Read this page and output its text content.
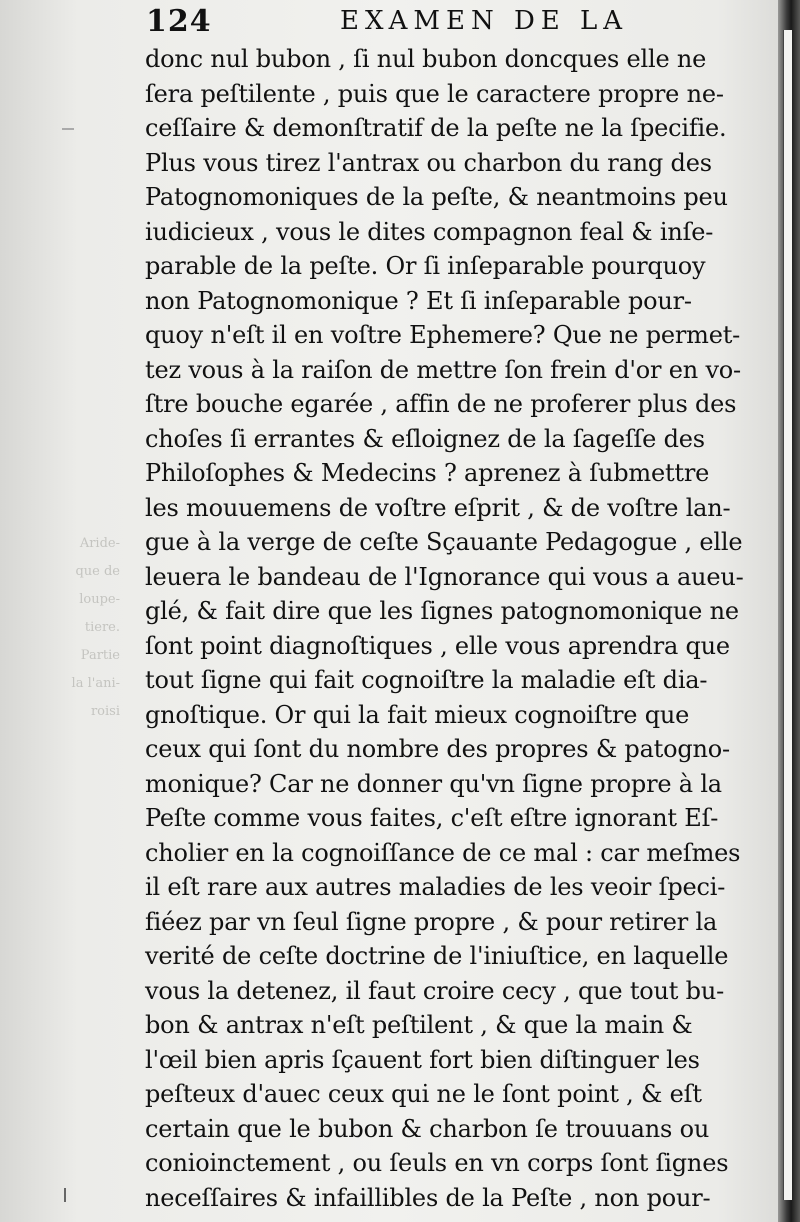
Aride-
que de
loupe-
tiere.
Partie
la l'ani-
roisi
124	EXAMEN DE LA
donc nul bubon , ſi nul bubon doncques elle ne
ſera peſtilente , puis que le caractere propre ne-
ceſſaire & demonſtratif de la peſte ne la ſpecifie.
Plus vous tirez l'antrax ou charbon du rang des
Patognomoniques de la peſte, & neantmoins peu
iudicieux , vous le dites compagnon feal & inſe-
parable de la peſte. Or ſi inſeparable pourquoy
non Patognomonique ? Et ſi inſeparable pour-
quoy n'eſt il en voſtre Ephemere? Que ne permet-
tez vous à la raiſon de mettre ſon frein d'or en vo-
ſtre bouche egarée , affin de ne proferer plus des
choſes ſi errantes & eſloignez de la ſageſſe des
Philoſophes & Medecins ? aprenez à ſubmettre
les mouuemens de voſtre eſprit , & de voſtre lan-
gue à la verge de ceſte Sçauante Pedagogue , elle
leuera le bandeau de l'Ignorance qui vous a aueu-
glé, & fait dire que les ſignes patognomonique ne
ſont point diagnoſtiques , elle vous aprendra que
tout ſigne qui fait cognoiſtre la maladie eſt dia-
gnoſtique. Or qui la fait mieux cognoiſtre que
ceux qui ſont du nombre des propres & patogno-
monique? Car ne donner qu'vn ſigne propre à la
Peſte comme vous faites, c'eſt eſtre ignorant Eſ-
cholier en la cognoiſſance de ce mal : car meſmes
il eſt rare aux autres maladies de les veoir ſpeci-
fiéez par vn ſeul ſigne propre , & pour retirer la
verité de ceſte doctrine de l'iniuſtice, en laquelle
vous la detenez, il faut croire cecy , que tout bu-
bon & antrax n'eſt peſtilent , & que la main &
l'œil bien apris ſçauent fort bien diſtinguer les
peſteux d'auec ceux qui ne le ſont point , & eſt
certain que le bubon & charbon ſe trouuans ou
conioinctement , ou ſeuls en vn corps ſont ſignes
neceſſaires & infaillibles de la Peſte , non pour-
